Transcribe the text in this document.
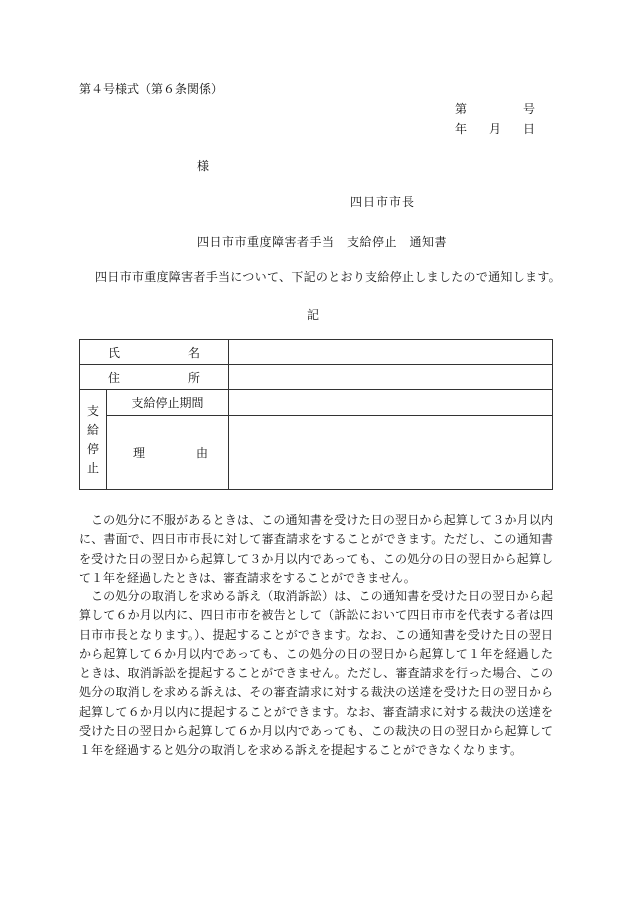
第４号様式（第６条関係）
第	号
年 月 日
様
四日市市長
四日市市重度障害者手当　支給停止　通知書
四日市市重度障害者手当について、下記のとおり支給停止しましたので通知します。
記
氏 名		

住 所		

支
給
停
止	支給停止期間	

	理 由	

この処分に不服があるときは、この通知書を受けた日の翌日から起算して３か月以内に、書面で、四日市市長に対して審査請求をすることができます。ただし、この通知書を受けた日の翌日から起算して３か月以内であっても、この処分の日の翌日から起算して１年を経過したときは、審査請求をすることができません。

この処分の取消しを求める訴え（取消訴訟）は、この通知書を受けた日の翌日から起算して６か月以内に、四日市市を被告として（訴訟において四日市市を代表する者は四日市市長となります。）、提起することができます。なお、この通知書を受けた日の翌日から起算して６か月以内であっても、この処分の日の翌日から起算して１年を経過したときは、取消訴訟を提起することができません。ただし、審査請求を行った場合、この処分の取消しを求める訴えは、その審査請求に対する裁決の送達を受けた日の翌日から起算して６か月以内に提起することができます。なお、審査請求に対する裁決の送達を受けた日の翌日から起算して６か月以内であっても、この裁決の日の翌日から起算して１年を経過すると処分の取消しを求める訴えを提起することができなくなります。
